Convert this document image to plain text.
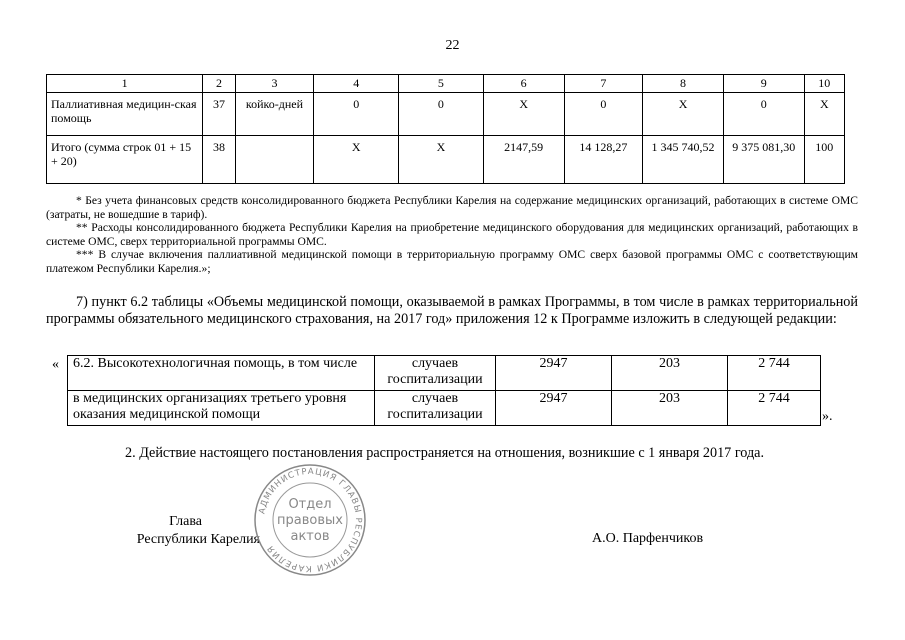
22
1	2	3	4	5	6	7	8	9	10
Паллиативная медицин-ская помощь	37	койко-дней	0	0	X	0	X	0	X
Итого (сумма строк 01 + 15 + 20)	38		X	X	2147,59	14 128,27	1 345 740,52	9 375 081,30	100

* Без учета финансовых средств консолидированного бюджета Республики Карелия на содержание медицинских организаций, работающих в системе ОМС (затраты, не вошедшие в тариф).

** Расходы консолидированного бюджета Республики Карелия на приобретение медицинского оборудования для медицинских организаций, работающих в системе ОМС, сверх территориальной программы ОМС.

*** В случае включения паллиативной медицинской помощи в территориальную программу ОМС сверх базовой программы ОМС с соответствующим платежом Республики Карелия.»;

7) пункт 6.2 таблицы «Объемы медицинской помощи, оказываемой в рамках Программы, в том числе в рамках территориальной программы обязательного медицинского страхования, на 2017 год» приложения 12 к Программе изложить в следующей редакции:

« 6.2. Высокотехнологичная помощь, в том числе	случаев госпитализации	2947	203	2 744
в медицинских организациях третьего уровня оказания медицинской помощи	случаев госпитализации	2947	203	2 744
».
2. Действие настоящего постановления распространяется на отношения, возникшие с 1 января 2017 года.
Глава
Республики Карелия	А.О. Парфенчиков
АДМИНИСТРАЦИЯ ГЛАВЫ РЕСПУБЛИКИ КАРЕЛИЯ
Отдел
правовых
актов
